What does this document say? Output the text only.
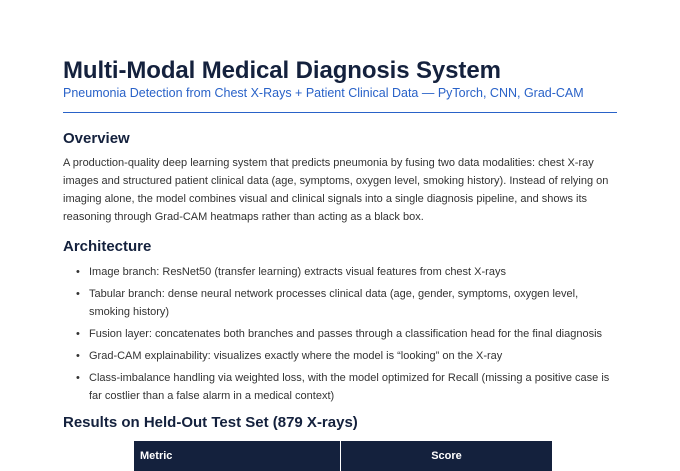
Multi-Modal Medical Diagnosis System

Pneumonia Detection from Chest X-Rays + Patient Clinical Data — PyTorch, CNN, Grad-CAM

Overview

A production-quality deep learning system that predicts pneumonia by fusing two data modalities: chest X-ray images and structured patient clinical data (age, symptoms, oxygen level, smoking history). Instead of relying on imaging alone, the model combines visual and clinical signals into a single diagnosis pipeline, and shows its reasoning through Grad-CAM heatmaps rather than acting as a black box.

Architecture
• Image branch: ResNet50 (transfer learning) extracts visual features from chest X-rays
• Tabular branch: dense neural network processes clinical data (age, gender, symptoms, oxygen level, smoking history)
• Fusion layer: concatenates both branches and passes through a classification head for the final diagnosis
• Grad-CAM explainability: visualizes exactly where the model is “looking” on the X-ray
• Class-imbalance handling via weighted loss, with the model optimized for Recall (missing a positive case is far costlier than a false alarm in a medical context)
Results on Held-Out Test Set (879 X-rays)
Metric	Score
